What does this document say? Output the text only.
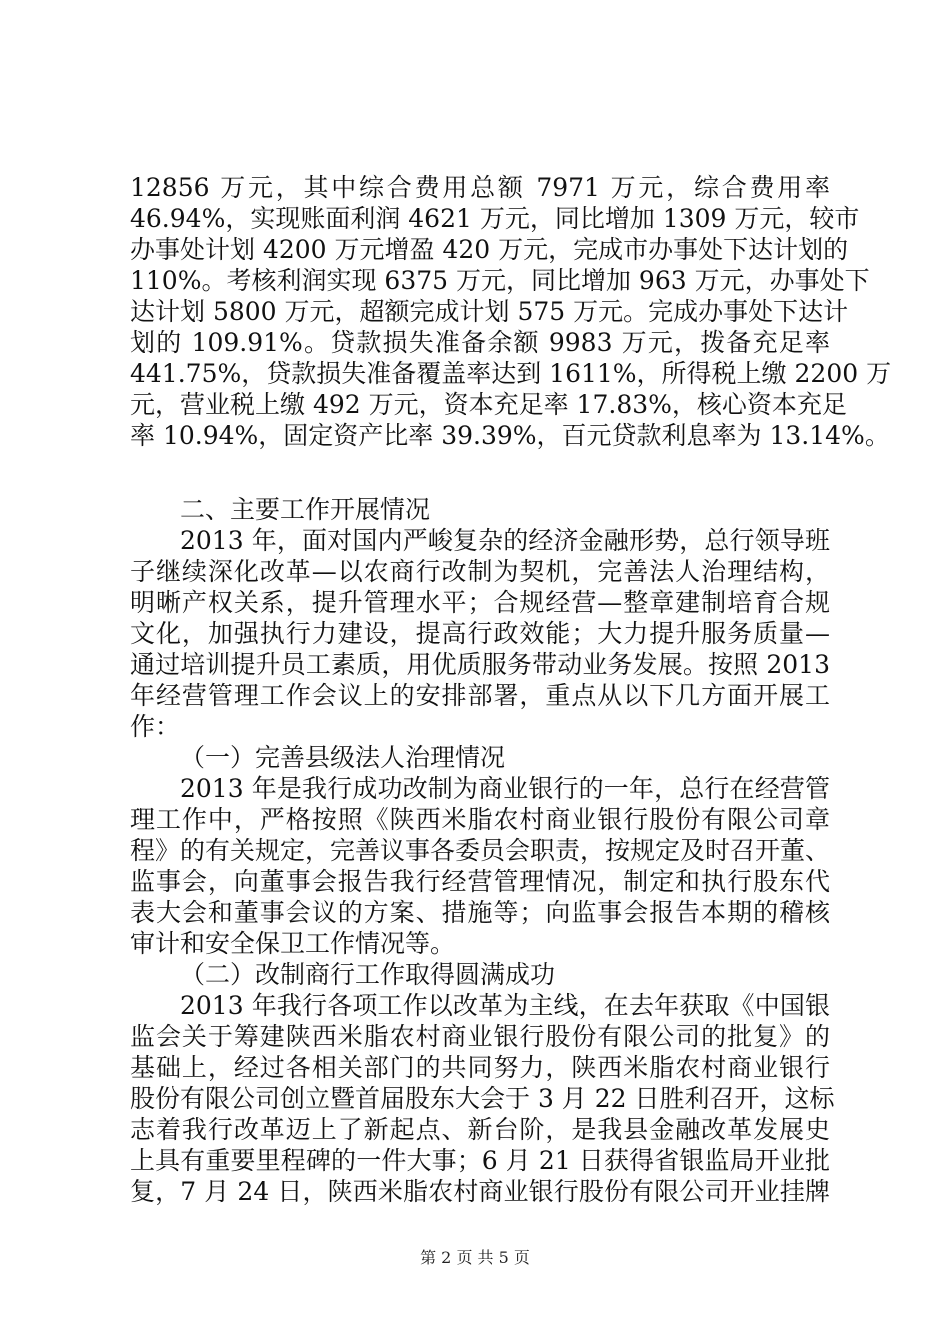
12856 万元，其中综合费用总额 7971 万元，综合费用率
46.94%，实现账面利润 4621 万元，同比增加 1309 万元，较市
办事处计划 4200 万元增盈 420 万元，完成市办事处下达计划的
110%。考核利润实现 6375 万元，同比增加 963 万元，办事处下
达计划 5800 万元，超额完成计划 575 万元。完成办事处下达计
划的 109.91%。贷款损失准备余额 9983 万元，拨备充足率
441.75%，贷款损失准备覆盖率达到 1611%，所得税上缴 2200 万
元，营业税上缴 492 万元，资本充足率 17.83%，核心资本充足
率 10.94%，固定资产比率 39.39%，百元贷款利息率为 13.14%。
二、主要工作开展情况
2013 年，面对国内严峻复杂的经济金融形势，总行领导班
子继续深化改革—以农商行改制为契机，完善法人治理结构，
明晰产权关系，提升管理水平；合规经营—整章建制培育合规
文化，加强执行力建设，提高行政效能；大力提升服务质量—
通过培训提升员工素质，用优质服务带动业务发展。按照 2013
年经营管理工作会议上的安排部署，重点从以下几方面开展工
作：
（一）完善县级法人治理情况
2013 年是我行成功改制为商业银行的一年，总行在经营管
理工作中，严格按照《陕西米脂农村商业银行股份有限公司章
程》的有关规定，完善议事各委员会职责，按规定及时召开董、
监事会，向董事会报告我行经营管理情况，制定和执行股东代
表大会和董事会议的方案、措施等；向监事会报告本期的稽核
审计和安全保卫工作情况等。
（二）改制商行工作取得圆满成功
2013 年我行各项工作以改革为主线，在去年获取《中国银
监会关于筹建陕西米脂农村商业银行股份有限公司的批复》的
基础上，经过各相关部门的共同努力，陕西米脂农村商业银行
股份有限公司创立暨首届股东大会于 3 月 22 日胜利召开，这标
志着我行改革迈上了新起点、新台阶，是我县金融改革发展史
上具有重要里程碑的一件大事；6 月 21 日获得省银监局开业批
复，7 月 24 日，陕西米脂农村商业银行股份有限公司开业挂牌
第 2 页 共 5 页
